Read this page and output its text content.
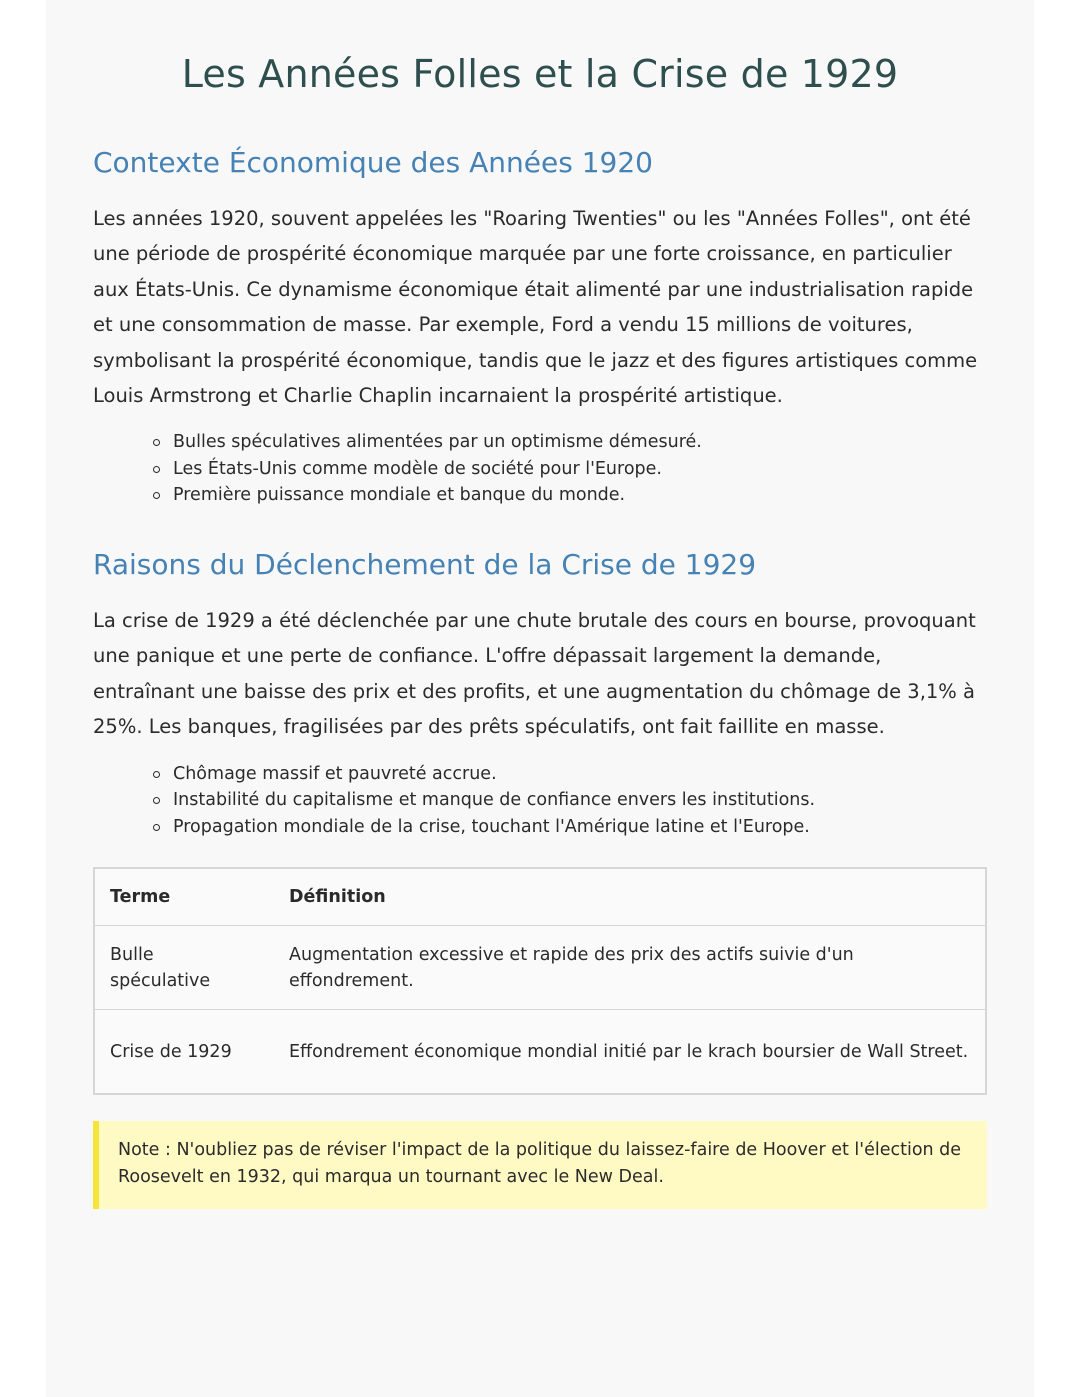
Les Années Folles et la Crise de 1929
Contexte Économique des Années 1920

Les années 1920, souvent appelées les "Roaring Twenties" ou les "Années Folles", ont été une période de prospérité économique marquée par une forte croissance, en particulier aux États-Unis. Ce dynamisme économique était alimenté par une industrialisation rapide et une consommation de masse. Par exemple, Ford a vendu 15 millions de voitures, symbolisant la prospérité économique, tandis que le jazz et des figures artistiques comme Louis Armstrong et Charlie Chaplin incarnaient la prospérité artistique.

Bulles spéculatives alimentées par un optimisme démesuré.
Les États-Unis comme modèle de société pour l'Europe.
Première puissance mondiale et banque du monde.
Raisons du Déclenchement de la Crise de 1929

La crise de 1929 a été déclenchée par une chute brutale des cours en bourse, provoquant une panique et une perte de confiance. L'offre dépassait largement la demande, entraînant une baisse des prix et des profits, et une augmentation du chômage de 3,1% à 25%. Les banques, fragilisées par des prêts spéculatifs, ont fait faillite en masse.

Chômage massif et pauvreté accrue.
Instabilité du capitalisme et manque de confiance envers les institutions.
Propagation mondiale de la crise, touchant l'Amérique latine et l'Europe.
Terme	Définition
Bulle spéculative	Augmentation excessive et rapide des prix des actifs suivie d'un effondrement.
Crise de 1929	Effondrement économique mondial initié par le krach boursier de Wall Street.
Note : N'oubliez pas de réviser l'impact de la politique du laissez-faire de Hoover et l'élection de Roosevelt en 1932, qui marqua un tournant avec le New Deal.
